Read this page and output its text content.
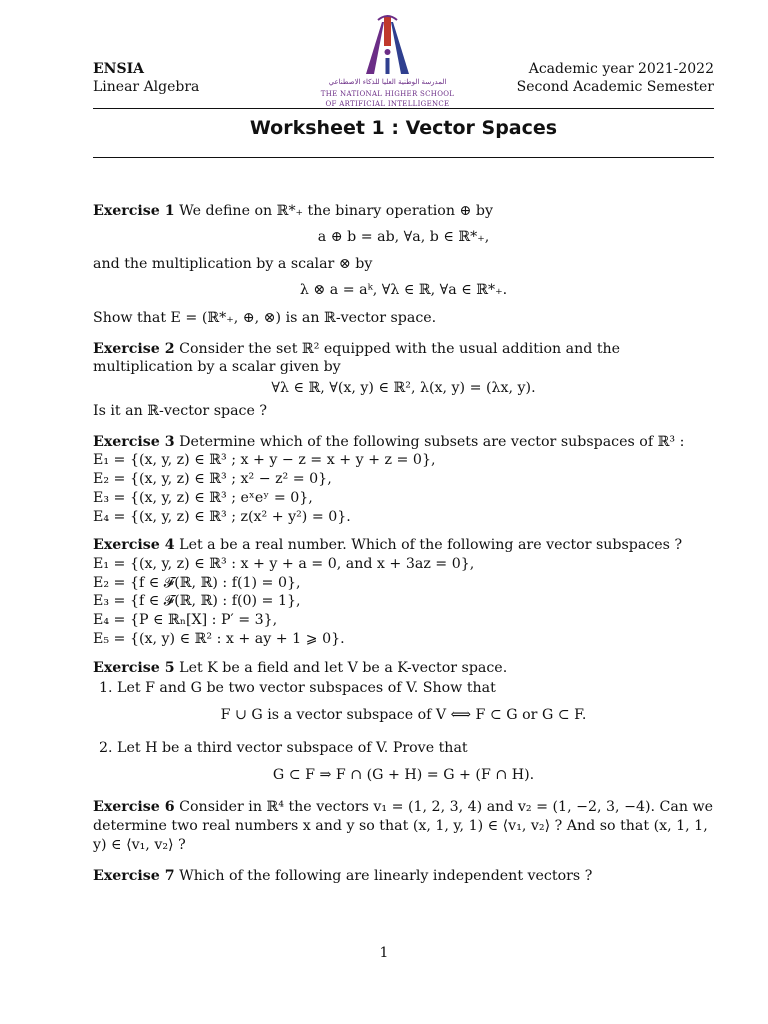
ENSIA
Linear Algebra	المدرسة الوطنية العليا للذكاء الاصطناعي
THE NATIONAL HIGHER SCHOOL
OF ARTIFICIAL INTELLIGENCE
Academic year 2021-2022
Second Academic Semester
Worksheet 1 : Vector Spaces

Exercise 1 We define on ℝ*₊ the binary operation ⊕ by

a ⊕ b = ab, ∀a, b ∈ ℝ*₊,

and the multiplication by a scalar ⊗ by

λ ⊗ a = aᵏ, ∀λ ∈ ℝ, ∀a ∈ ℝ*₊.

Show that E = (ℝ*₊, ⊕, ⊗) is an ℝ-vector space.

Exercise 2 Consider the set ℝ² equipped with the usual addition and the multiplication by a scalar given by

∀λ ∈ ℝ, ∀(x, y) ∈ ℝ², λ(x, y) = (λx, y).

Is it an ℝ-vector space ?

Exercise 3 Determine which of the following subsets are vector subspaces of ℝ³ :

E₁ = {(x, y, z) ∈ ℝ³ ; x + y − z = x + y + z = 0},
E₂ = {(x, y, z) ∈ ℝ³ ; x² − z² = 0},
E₃ = {(x, y, z) ∈ ℝ³ ; eˣeʸ = 0},
E₄ = {(x, y, z) ∈ ℝ³ ; z(x² + y²) = 0}.

Exercise 4 Let a be a real number. Which of the following are vector subspaces ?

E₁ = {(x, y, z) ∈ ℝ³ : x + y + a = 0, and x + 3az = 0},
E₂ = {f ∈ 𝓕(ℝ, ℝ) : f(1) = 0},
E₃ = {f ∈ 𝓕(ℝ, ℝ) : f(0) = 1},
E₄ = {P ∈ ℝₙ[X] : P′ = 3},
E₅ = {(x, y) ∈ ℝ² : x + ay + 1 ⩾ 0}.

Exercise 5 Let K be a field and let V be a K-vector space.

1. Let F and G be two vector subspaces of V. Show that
F ∪ G is a vector subspace of V ⟺ F ⊂ G or G ⊂ F.
2. Let H be a third vector subspace of V. Prove that
G ⊂ F ⇒ F ∩ (G + H) = G + (F ∩ H).

Exercise 6 Consider in ℝ⁴ the vectors v₁ = (1, 2, 3, 4) and v₂ = (1, −2, 3, −4). Can we determine two real numbers x and y so that (x, 1, y, 1) ∈ ⟨v₁, v₂⟩ ? And so that (x, 1, 1, y) ∈ ⟨v₁, v₂⟩ ?

Exercise 7 Which of the following are linearly independent vectors ?

1
